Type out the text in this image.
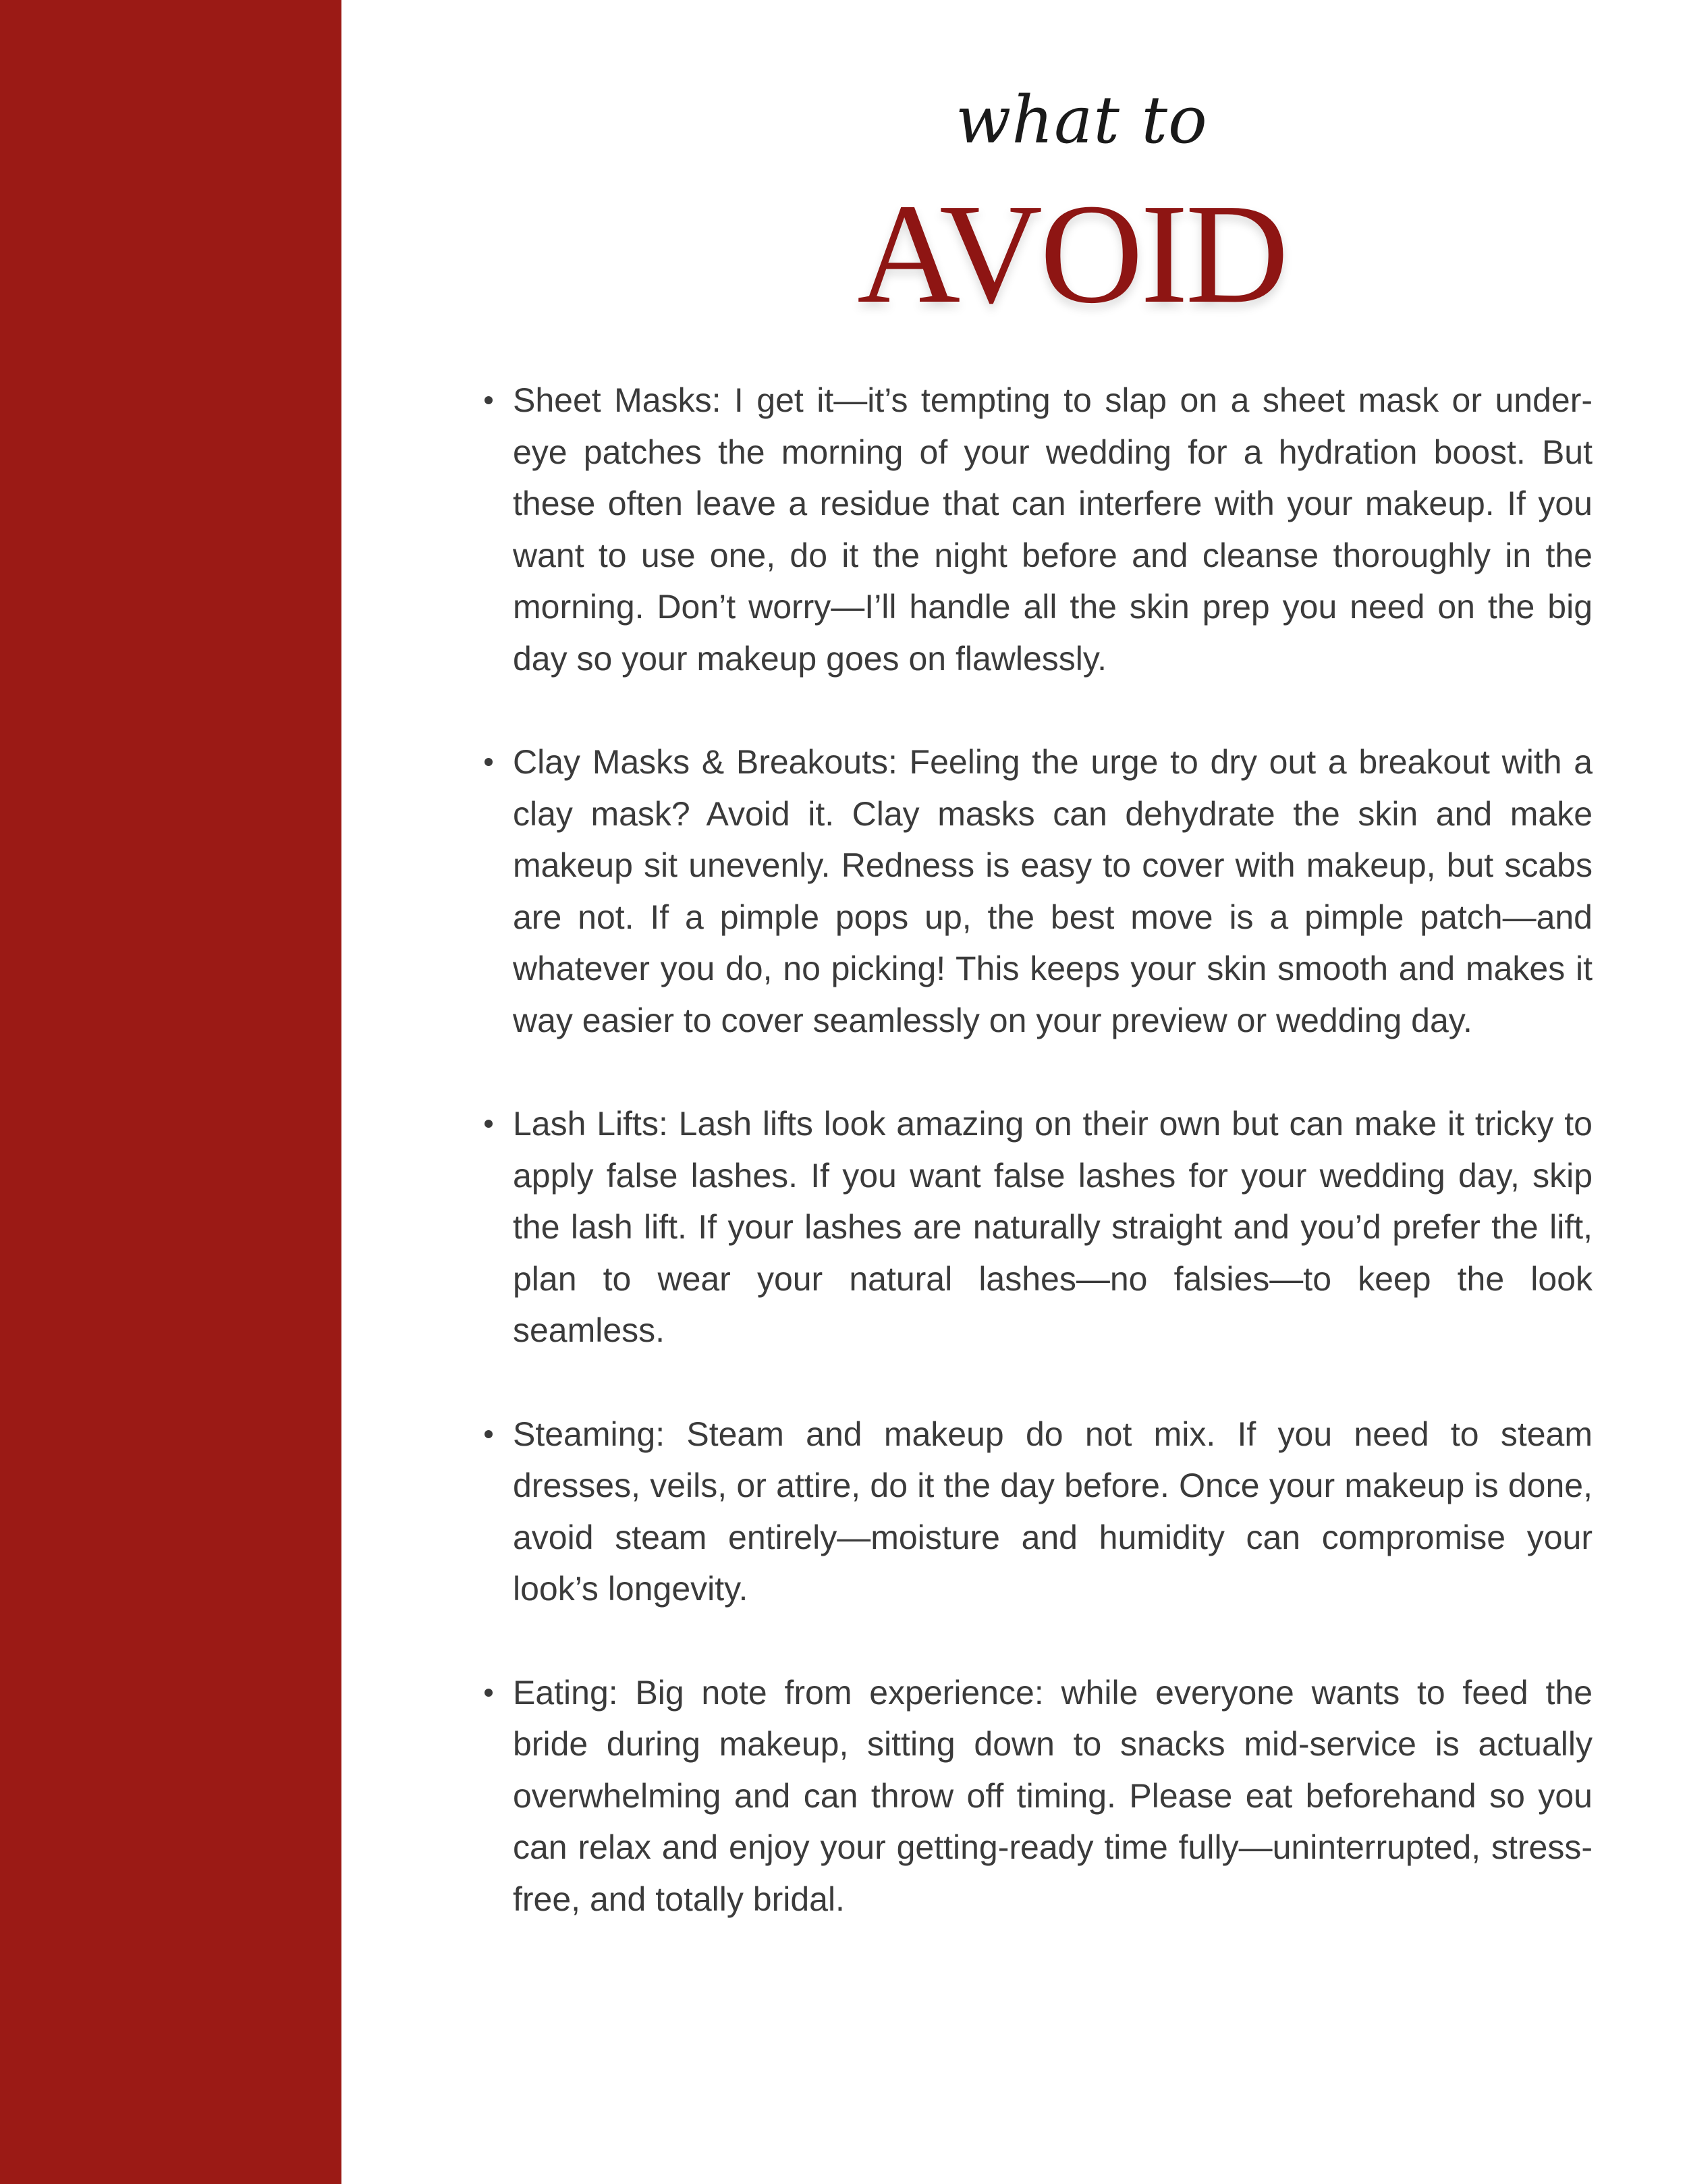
what to
AVOID
Sheet Masks: I get it—it’s tempting to slap on a sheet mask or under-eye patches the morning of your wedding for a hydration boost. But these often leave a residue that can interfere with your makeup. If you want to use one, do it the night before and cleanse thoroughly in the morning. Don’t worry—I’ll handle all the skin prep you need on the big day so your makeup goes on flawlessly.
Clay Masks & Breakouts: Feeling the urge to dry out a breakout with a clay mask? Avoid it. Clay masks can dehydrate the skin and make makeup sit unevenly. Redness is easy to cover with makeup, but scabs are not. If a pimple pops up, the best move is a pimple patch—and whatever you do, no picking! This keeps your skin smooth and makes it way easier to cover seamlessly on your preview or wedding day.
Lash Lifts: Lash lifts look amazing on their own but can make it tricky to apply false lashes. If you want false lashes for your wedding day, skip the lash lift. If your lashes are naturally straight and you’d prefer the lift, plan to wear your natural lashes—no falsies—to keep the look seamless.
Steaming: Steam and makeup do not mix. If you need to steam dresses, veils, or attire, do it the day before. Once your makeup is done, avoid steam entirely—moisture and humidity can compromise your look’s longevity.
Eating: Big note from experience: while everyone wants to feed the bride during makeup, sitting down to snacks mid-service is actually overwhelming and can throw off timing. Please eat beforehand so you can relax and enjoy your getting-ready time fully—uninterrupted, stress-free, and totally bridal.
